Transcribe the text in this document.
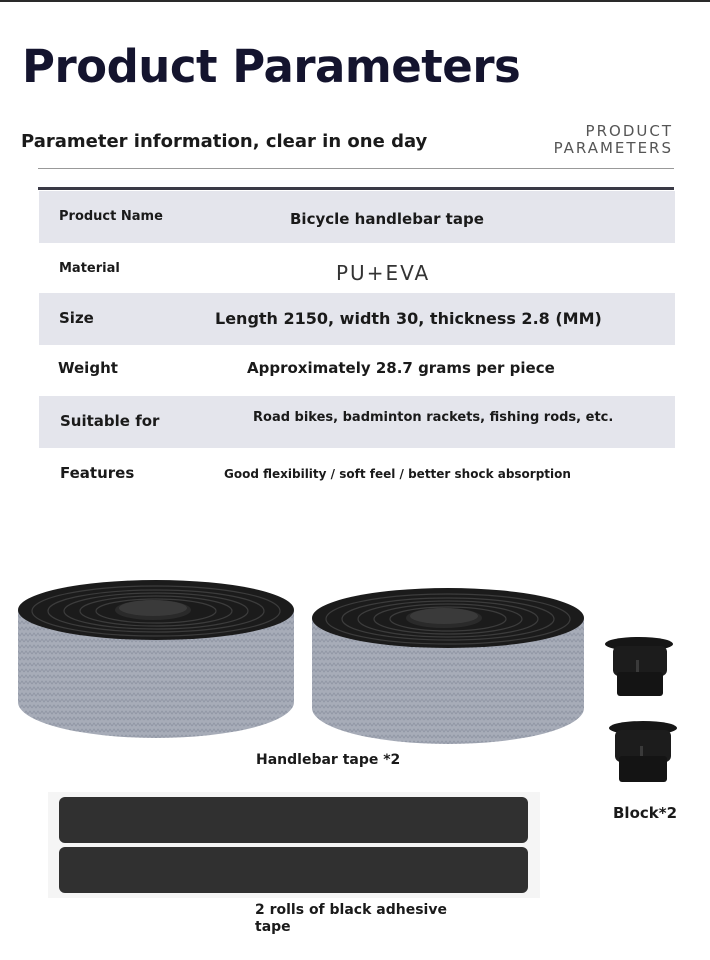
Product Parameters
Parameter information, clear in one day	PRODUCT
PARAMETERS
Product Name	Bicycle handlebar tape
Material	PU+EVA
Size	Length 2150, width 30, thickness 2.8 (MM)
Weight	Approximately 28.7 grams per piece
Suitable for	Road bikes, badminton rackets, fishing rods, etc.
Features	Good flexibility / soft feel / better shock absorption
Handlebar tape *2
Block*2
2 rolls of black adhesive
tape
